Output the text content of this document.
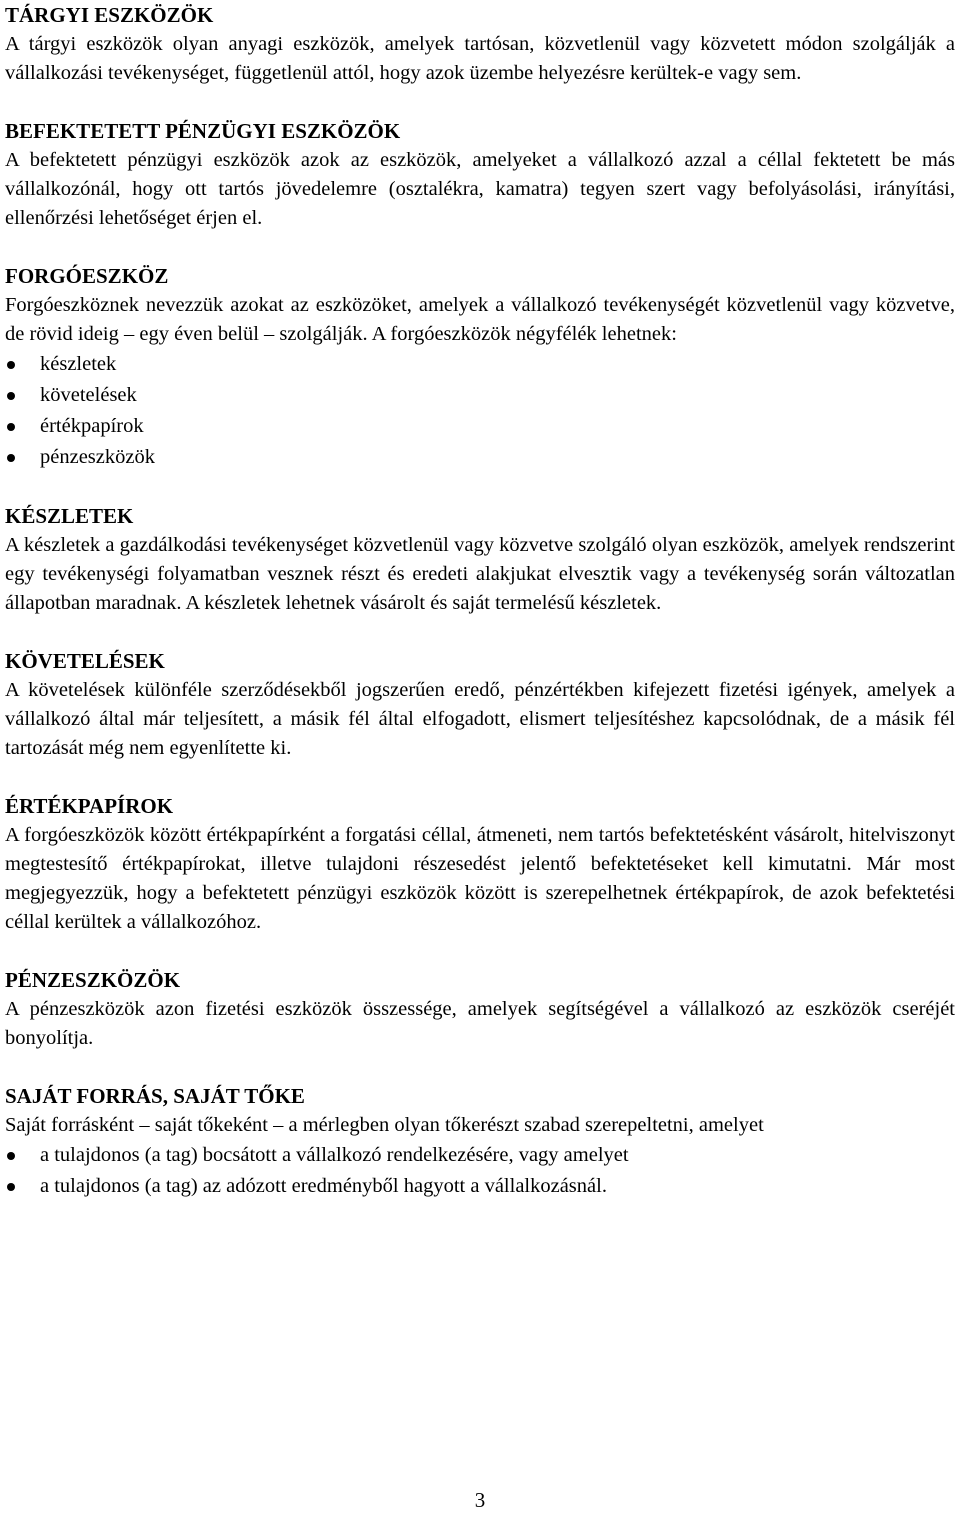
TÁRGYI ESZKÖZÖK

A tárgyi eszközök olyan anyagi eszközök, amelyek tartósan, közvetlenül vagy közvetett módon szolgálják a vállalkozási tevékenységet, függetlenül attól, hogy azok üzembe helyezésre kerültek-e vagy sem.

BEFEKTETETT PÉNZÜGYI ESZKÖZÖK

A befektetett pénzügyi eszközök azok az eszközök, amelyeket a vállalkozó azzal a céllal fektetett be más vállalkozónál, hogy ott tartós jövedelemre (osztalékra, kamatra) tegyen szert vagy befolyásolási, irányítási, ellenőrzési lehetőséget érjen el.

FORGÓESZKÖZ

Forgóeszköznek nevezzük azokat az eszközöket, amelyek a vállalkozó tevékenységét közvetlenül vagy közvetve, de rövid ideig – egy éven belül – szolgálják. A forgóeszközök négyfélék lehetnek:

készletek
követelések
értékpapírok
pénzeszközök
KÉSZLETEK

A készletek a gazdálkodási tevékenységet közvetlenül vagy közvetve szolgáló olyan eszközök, amelyek rendszerint egy tevékenységi folyamatban vesznek részt és eredeti alakjukat elvesztik vagy a tevékenység során változatlan állapotban maradnak. A készletek lehetnek vásárolt és saját termelésű készletek.

KÖVETELÉSEK

A követelések különféle szerződésekből jogszerűen eredő, pénzértékben kifejezett fizetési igények, amelyek a vállalkozó által már teljesített, a másik fél által elfogadott, elismert teljesítéshez kapcsolódnak, de a másik fél tartozását még nem egyenlítette ki.

ÉRTÉKPAPÍROK

A forgóeszközök között értékpapírként a forgatási céllal, átmeneti, nem tartós befektetésként vásárolt, hitelviszonyt megtestesítő értékpapírokat, illetve tulajdoni részesedést jelentő befektetéseket kell kimutatni. Már most megjegyezzük, hogy a befektetett pénzügyi eszközök között is szerepelhetnek értékpapírok, de azok befektetési céllal kerültek a vállalkozóhoz.

PÉNZESZKÖZÖK

A pénzeszközök azon fizetési eszközök összessége, amelyek segítségével a vállalkozó az eszközök cseréjét bonyolítja.

SAJÁT FORRÁS, SAJÁT TŐKE

Saját forrásként – saját tőkeként – a mérlegben olyan tőkerészt szabad szerepeltetni, amelyet

a tulajdonos (a tag) bocsátott a vállalkozó rendelkezésére, vagy amelyet
a tulajdonos (a tag) az adózott eredményből hagyott a vállalkozásnál.
3
